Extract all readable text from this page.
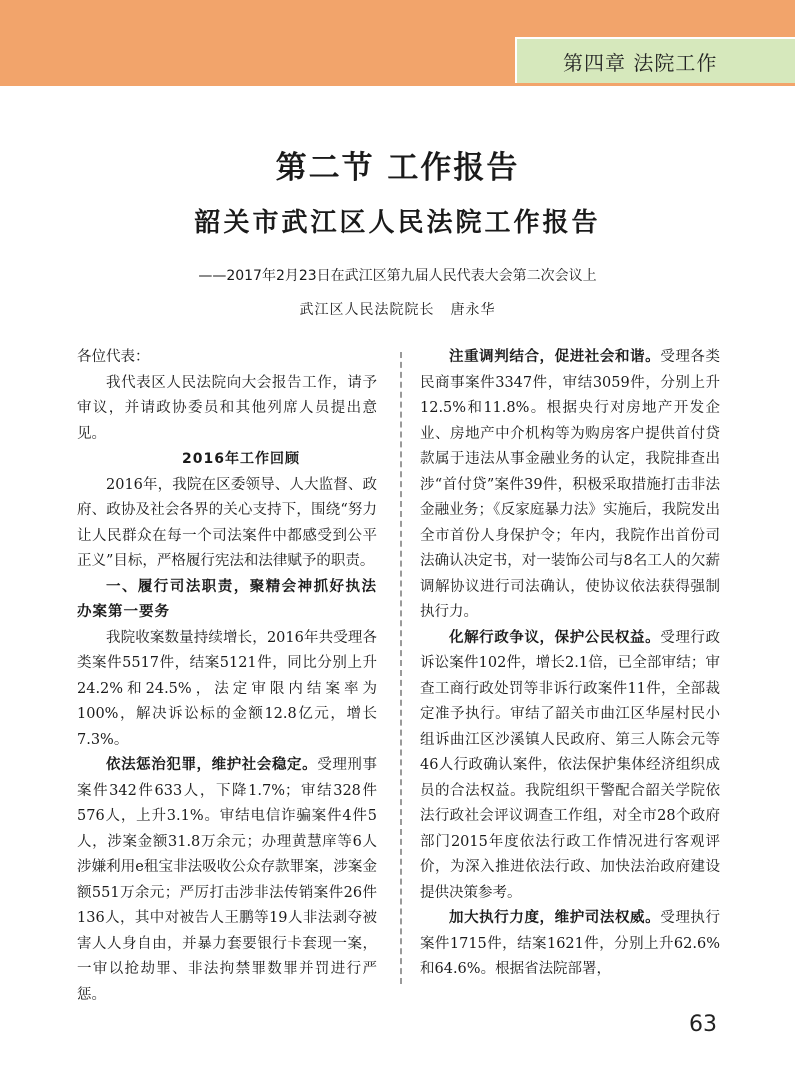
第四章 法院工作
第二节 工作报告
韶关市武江区人民法院工作报告
——2017年2月23日在武江区第九届人民代表大会第二次会议上
武江区人民法院院长 唐永华

各位代表：

我代表区人民法院向大会报告工作，请予审议，并请政协委员和其他列席人员提出意见。

2016年工作回顾

2016年，我院在区委领导、人大监督、政府、政协及社会各界的关心支持下，围绕“努力让人民群众在每一个司法案件中都感受到公平正义”目标，严格履行宪法和法律赋予的职责。

一、履行司法职责，聚精会神抓好执法办案第一要务

我院收案数量持续增长，2016年共受理各类案件5517件，结案5121件，同比分别上升24.2%和24.5%，法定审限内结案率为100%，解决诉讼标的金额12.8亿元，增长7.3%。

依法惩治犯罪，维护社会稳定。受理刑事案件342件633人，下降1.7%；审结328件576人，上升3.1%。审结电信诈骗案件4件5人，涉案金额31.8万余元；办理黄慧庠等6人涉嫌利用e租宝非法吸收公众存款罪案，涉案金额551万余元；严厉打击涉非法传销案件26件136人，其中对被告人王鹏等19人非法剥夺被害人人身自由，并暴力套要银行卡套现一案，一审以抢劫罪、非法拘禁罪数罪并罚进行严惩。

注重调判结合，促进社会和谐。受理各类民商事案件3347件，审结3059件，分别上升12.5%和11.8%。根据央行对房地产开发企业、房地产中介机构等为购房客户提供首付贷款属于违法从事金融业务的认定，我院排查出涉“首付贷”案件39件，积极采取措施打击非法金融业务；《反家庭暴力法》实施后，我院发出全市首份人身保护令；年内，我院作出首份司法确认决定书，对一装饰公司与8名工人的欠薪调解协议进行司法确认，使协议依法获得强制执行力。

化解行政争议，保护公民权益。受理行政诉讼案件102件，增长2.1倍，已全部审结；审查工商行政处罚等非诉行政案件11件，全部裁定准予执行。审结了韶关市曲江区华屋村民小组诉曲江区沙溪镇人民政府、第三人陈会元等46人行政确认案件，依法保护集体经济组织成员的合法权益。我院组织干警配合韶关学院依法行政社会评议调查工作组，对全市28个政府部门2015年度依法行政工作情况进行客观评价，为深入推进依法行政、加快法治政府建设提供决策参考。

加大执行力度，维护司法权威。受理执行案件1715件，结案1621件，分别上升62.6%和64.6%。根据省法院部署，

63
